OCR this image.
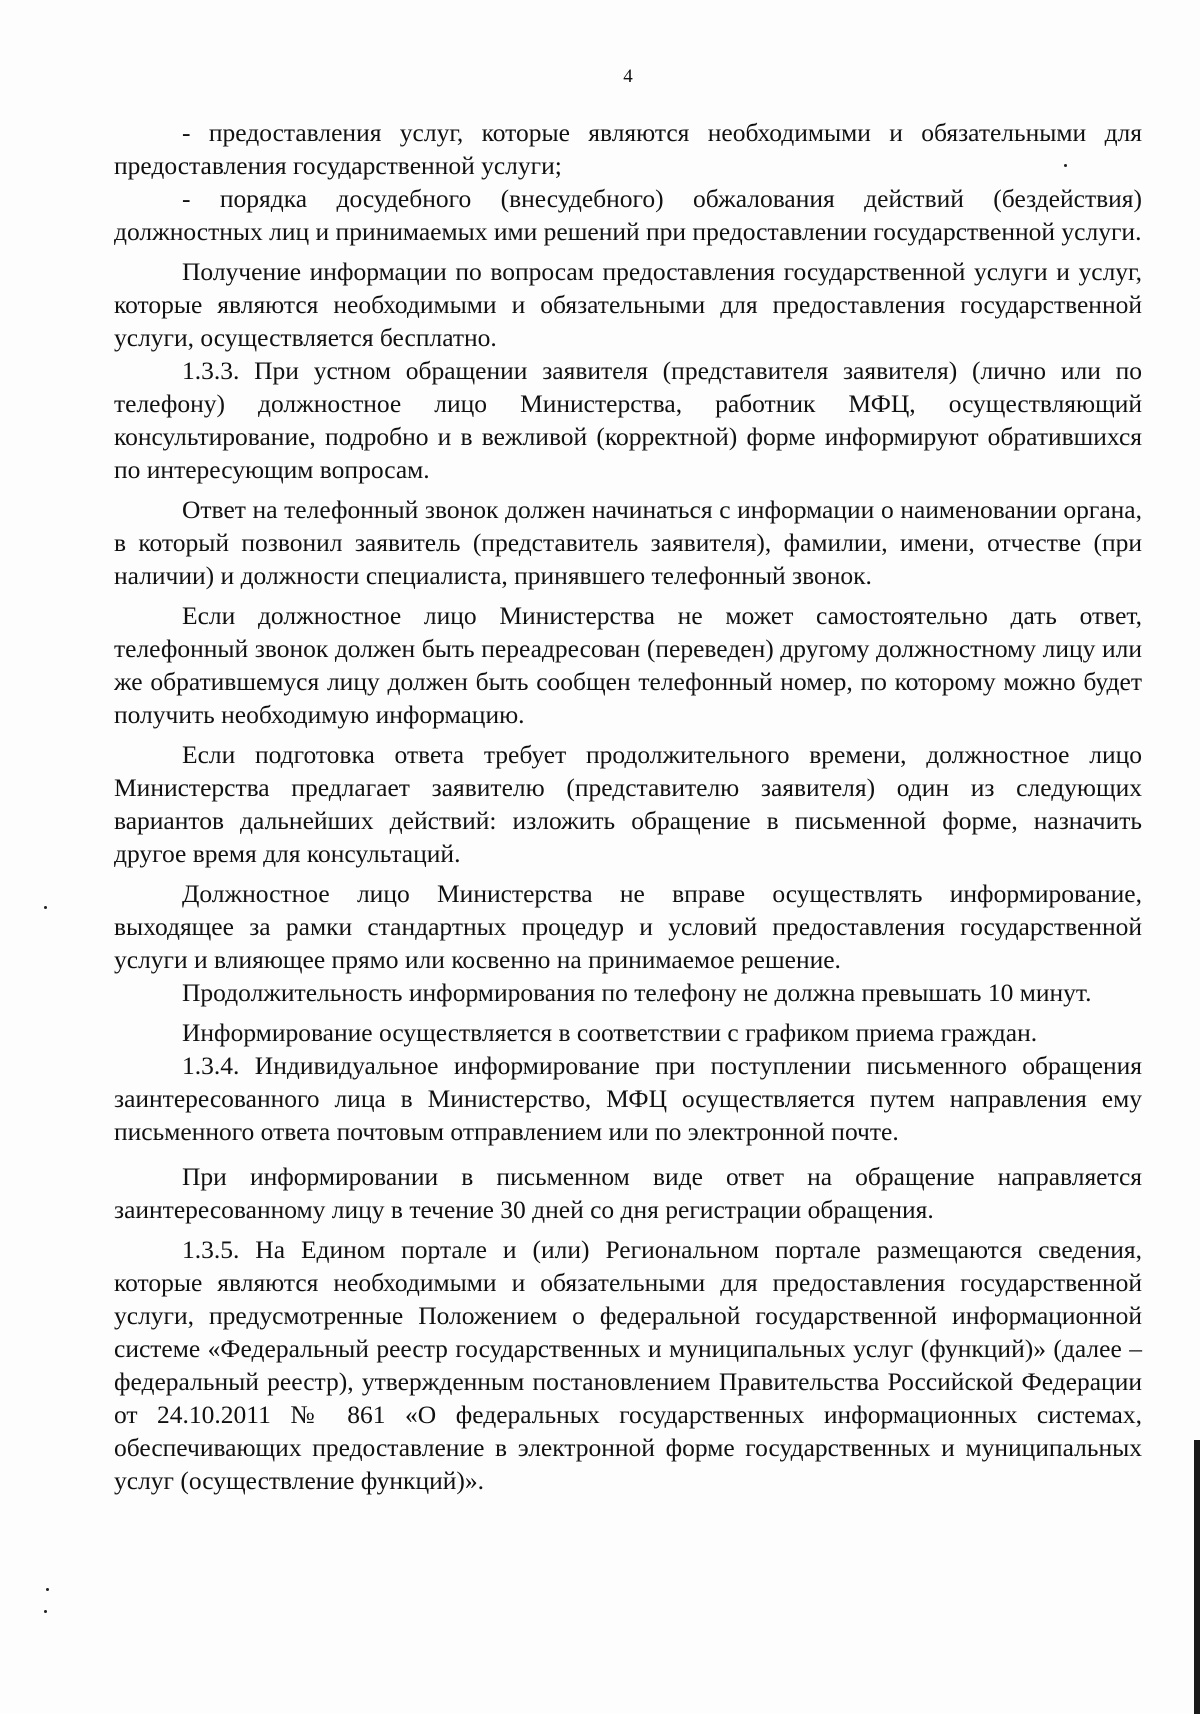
4

- предоставления услуг, которые являются необходимыми и обязательными для предоставления государственной услуги;

- порядка досудебного (внесудебного) обжалования действий (бездействия) должностных лиц и принимаемых ими решений при предоставлении государственной услуги.

Получение информации по вопросам предоставления государственной услуги и услуг, которые являются необходимыми и обязательными для предоставления государственной услуги, осуществляется бесплатно.

1.3.3. При устном обращении заявителя (представителя заявителя) (лично или по телефону) должностное лицо Министерства, работник МФЦ, осуществляющий консультирование, подробно и в вежливой (корректной) форме информируют обратившихся по интересующим вопросам.

Ответ на телефонный звонок должен начинаться с информации о наименовании органа, в который позвонил заявитель (представитель заявителя), фамилии, имени, отчестве (при наличии) и должности специалиста, принявшего телефонный звонок.

Если должностное лицо Министерства не может самостоятельно дать ответ, телефонный звонок должен быть переадресован (переведен) другому должностному лицу или же обратившемуся лицу должен быть сообщен телефонный номер, по которому можно будет получить необходимую информацию.

Если подготовка ответа требует продолжительного времени, должностное лицо Министерства предлагает заявителю (представителю заявителя) один из следующих вариантов дальнейших действий: изложить обращение в письменной форме, назначить другое время для консультаций.

Должностное лицо Министерства не вправе осуществлять информирование, выходящее за рамки стандартных процедур и условий предоставления государственной услуги и влияющее прямо или косвенно на принимаемое решение.

Продолжительность информирования по телефону не должна превышать 10 минут.

Информирование осуществляется в соответствии с графиком приема граждан.

1.3.4. Индивидуальное информирование при поступлении письменного обращения заинтересованного лица в Министерство, МФЦ осуществляется путем направления ему письменного ответа почтовым отправлением или по электронной почте.

При информировании в письменном виде ответ на обращение направляется заинтересованному лицу в течение 30 дней со дня регистрации обращения.

1.3.5. На Едином портале и (или) Региональном портале размещаются сведения, которые являются необходимыми и обязательными для предоставления государственной услуги, предусмотренные Положением о федеральной государственной информационной системе «Федеральный реестр государственных и муниципальных услуг (функций)» (далее – федеральный реестр), утвержденным постановлением Правительства Российской Федерации от 24.10.2011 № 861 «О федеральных государственных информационных системах, обеспечивающих предоставление в электронной форме государственных и муниципальных услуг (осуществление функций)».
